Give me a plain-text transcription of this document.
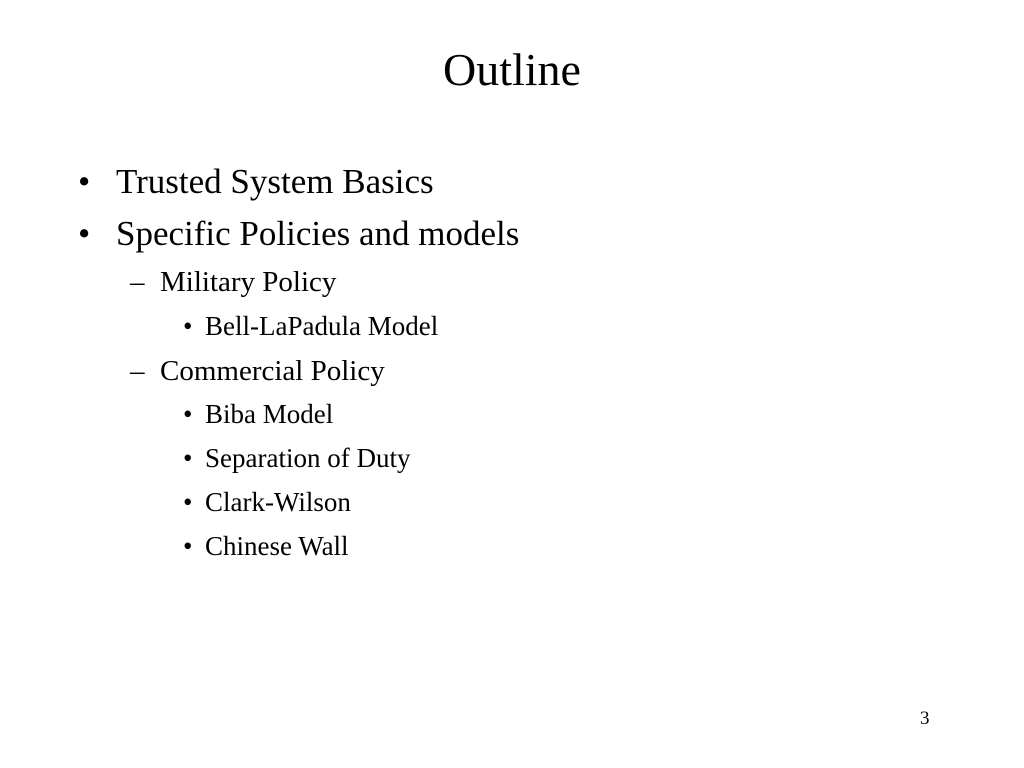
Outline
• Trusted System Basics
• Specific Policies and models
– Military Policy
• Bell-LaPadula Model
– Commercial Policy
• Biba Model
• Separation of Duty
• Clark-Wilson
• Chinese Wall
3
